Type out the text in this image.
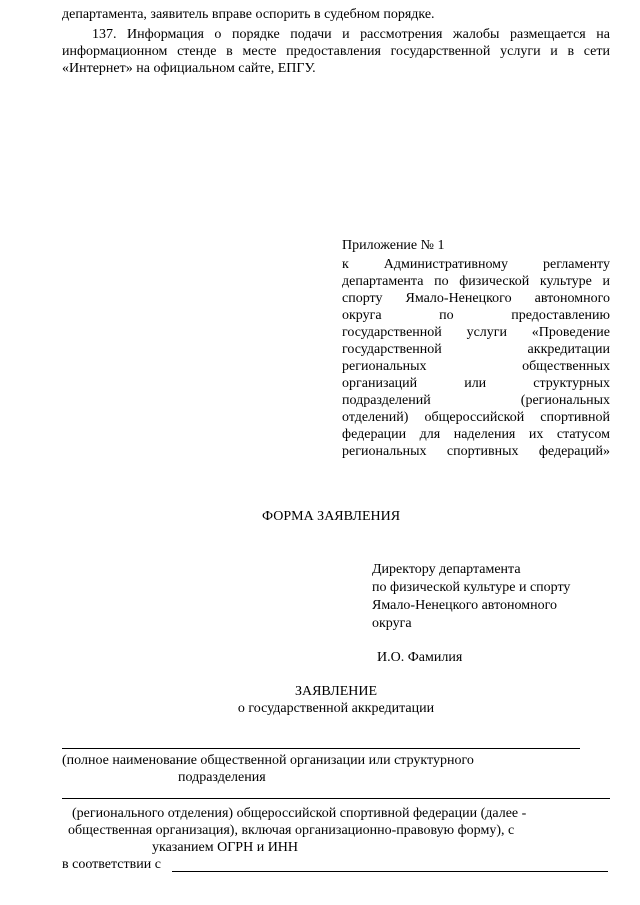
департамента, заявитель вправе оспорить в судебном порядке.
137. Информация о порядке подачи и рассмотрения жалобы размещается на
информационном стенде в месте предоставления государственной услуги и в сети
«Интернет» на официальном сайте, ЕПГУ.
Приложение № 1
к Административному регламенту
департамента по физической культуре и
спорту Ямало-Ненецкого автономного
округа по предоставлению
государственной услуги «Проведение
государственной аккредитации
региональных общественных
организаций или структурных
подразделений (региональных
отделений) общероссийской спортивной
федерации для наделения их статусом
региональных спортивных федераций»
ФОРМА ЗАЯВЛЕНИЯ
Директору департамента
по физической культуре и спорту
Ямало-Ненецкого автономного
округа
И.О. Фамилия
ЗАЯВЛЕНИЕ
о государственной аккредитации
(полное наименование общественной организации или структурного
подразделения
(регионального отделения) общероссийской спортивной федерации (далее -
общественная организация), включая организационно-правовую форму), с
указанием ОГРН и ИНН
в соответствии с
